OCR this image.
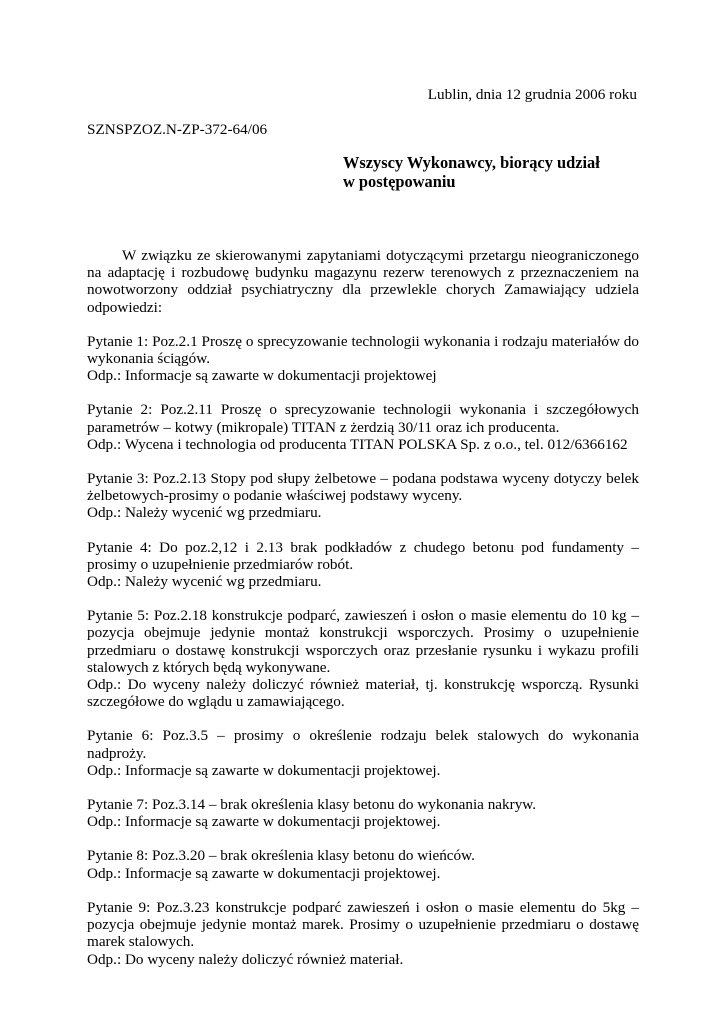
Lublin, dnia 12 grudnia 2006 roku
SZNSPZOZ.N-ZP-372-64/06
Wszyscy Wykonawcy, biorący udział
w postępowaniu

W związku ze skierowanymi zapytaniami dotyczącymi przetargu nieograniczonego na adaptację i rozbudowę budynku magazynu rezerw terenowych z przeznaczeniem na nowotworzony oddział psychiatryczny dla przewlekle chorych Zamawiający udziela odpowiedzi:

Pytanie 1: Poz.2.1 Proszę o sprecyzowanie technologii wykonania i rodzaju materiałów do wykonania ściągów.

Odp.: Informacje są zawarte w dokumentacji projektowej

Pytanie 2: Poz.2.11 Proszę o sprecyzowanie technologii wykonania i szczegółowych parametrów – kotwy (mikropale) TITAN z żerdzią 30/11 oraz ich producenta.

Odp.: Wycena i technologia od producenta TITAN POLSKA Sp. z o.o., tel. 012/6366162

Pytanie 3: Poz.2.13 Stopy pod słupy żelbetowe – podana podstawa wyceny dotyczy belek żelbetowych-prosimy o podanie właściwej podstawy wyceny.

Odp.: Należy wycenić wg przedmiaru.

Pytanie 4: Do poz.2,12 i 2.13 brak podkładów z chudego betonu pod fundamenty – prosimy o uzupełnienie przedmiarów robót.

Odp.: Należy wycenić wg przedmiaru.

Pytanie 5: Poz.2.18 konstrukcje podparć, zawieszeń i osłon o masie elementu do 10 kg – pozycja obejmuje jedynie montaż konstrukcji wsporczych. Prosimy o uzupełnienie przedmiaru o dostawę konstrukcji wsporczych oraz przesłanie rysunku i wykazu profili stalowych z których będą wykonywane.

Odp.: Do wyceny należy doliczyć również materiał, tj. konstrukcję wsporczą. Rysunki szczegółowe do wglądu u zamawiającego.

Pytanie 6: Poz.3.5 – prosimy o określenie rodzaju belek stalowych do wykonania nadproży.

Odp.: Informacje są zawarte w dokumentacji projektowej.

Pytanie 7: Poz.3.14 – brak określenia klasy betonu do wykonania nakryw.

Odp.: Informacje są zawarte w dokumentacji projektowej.

Pytanie 8: Poz.3.20 – brak określenia klasy betonu do wieńców.

Odp.: Informacje są zawarte w dokumentacji projektowej.

Pytanie 9: Poz.3.23 konstrukcje podparć zawieszeń i osłon o masie elementu do 5kg – pozycja obejmuje jedynie montaż marek. Prosimy o uzupełnienie przedmiaru o dostawę marek stalowych.

Odp.: Do wyceny należy doliczyć również materiał.
